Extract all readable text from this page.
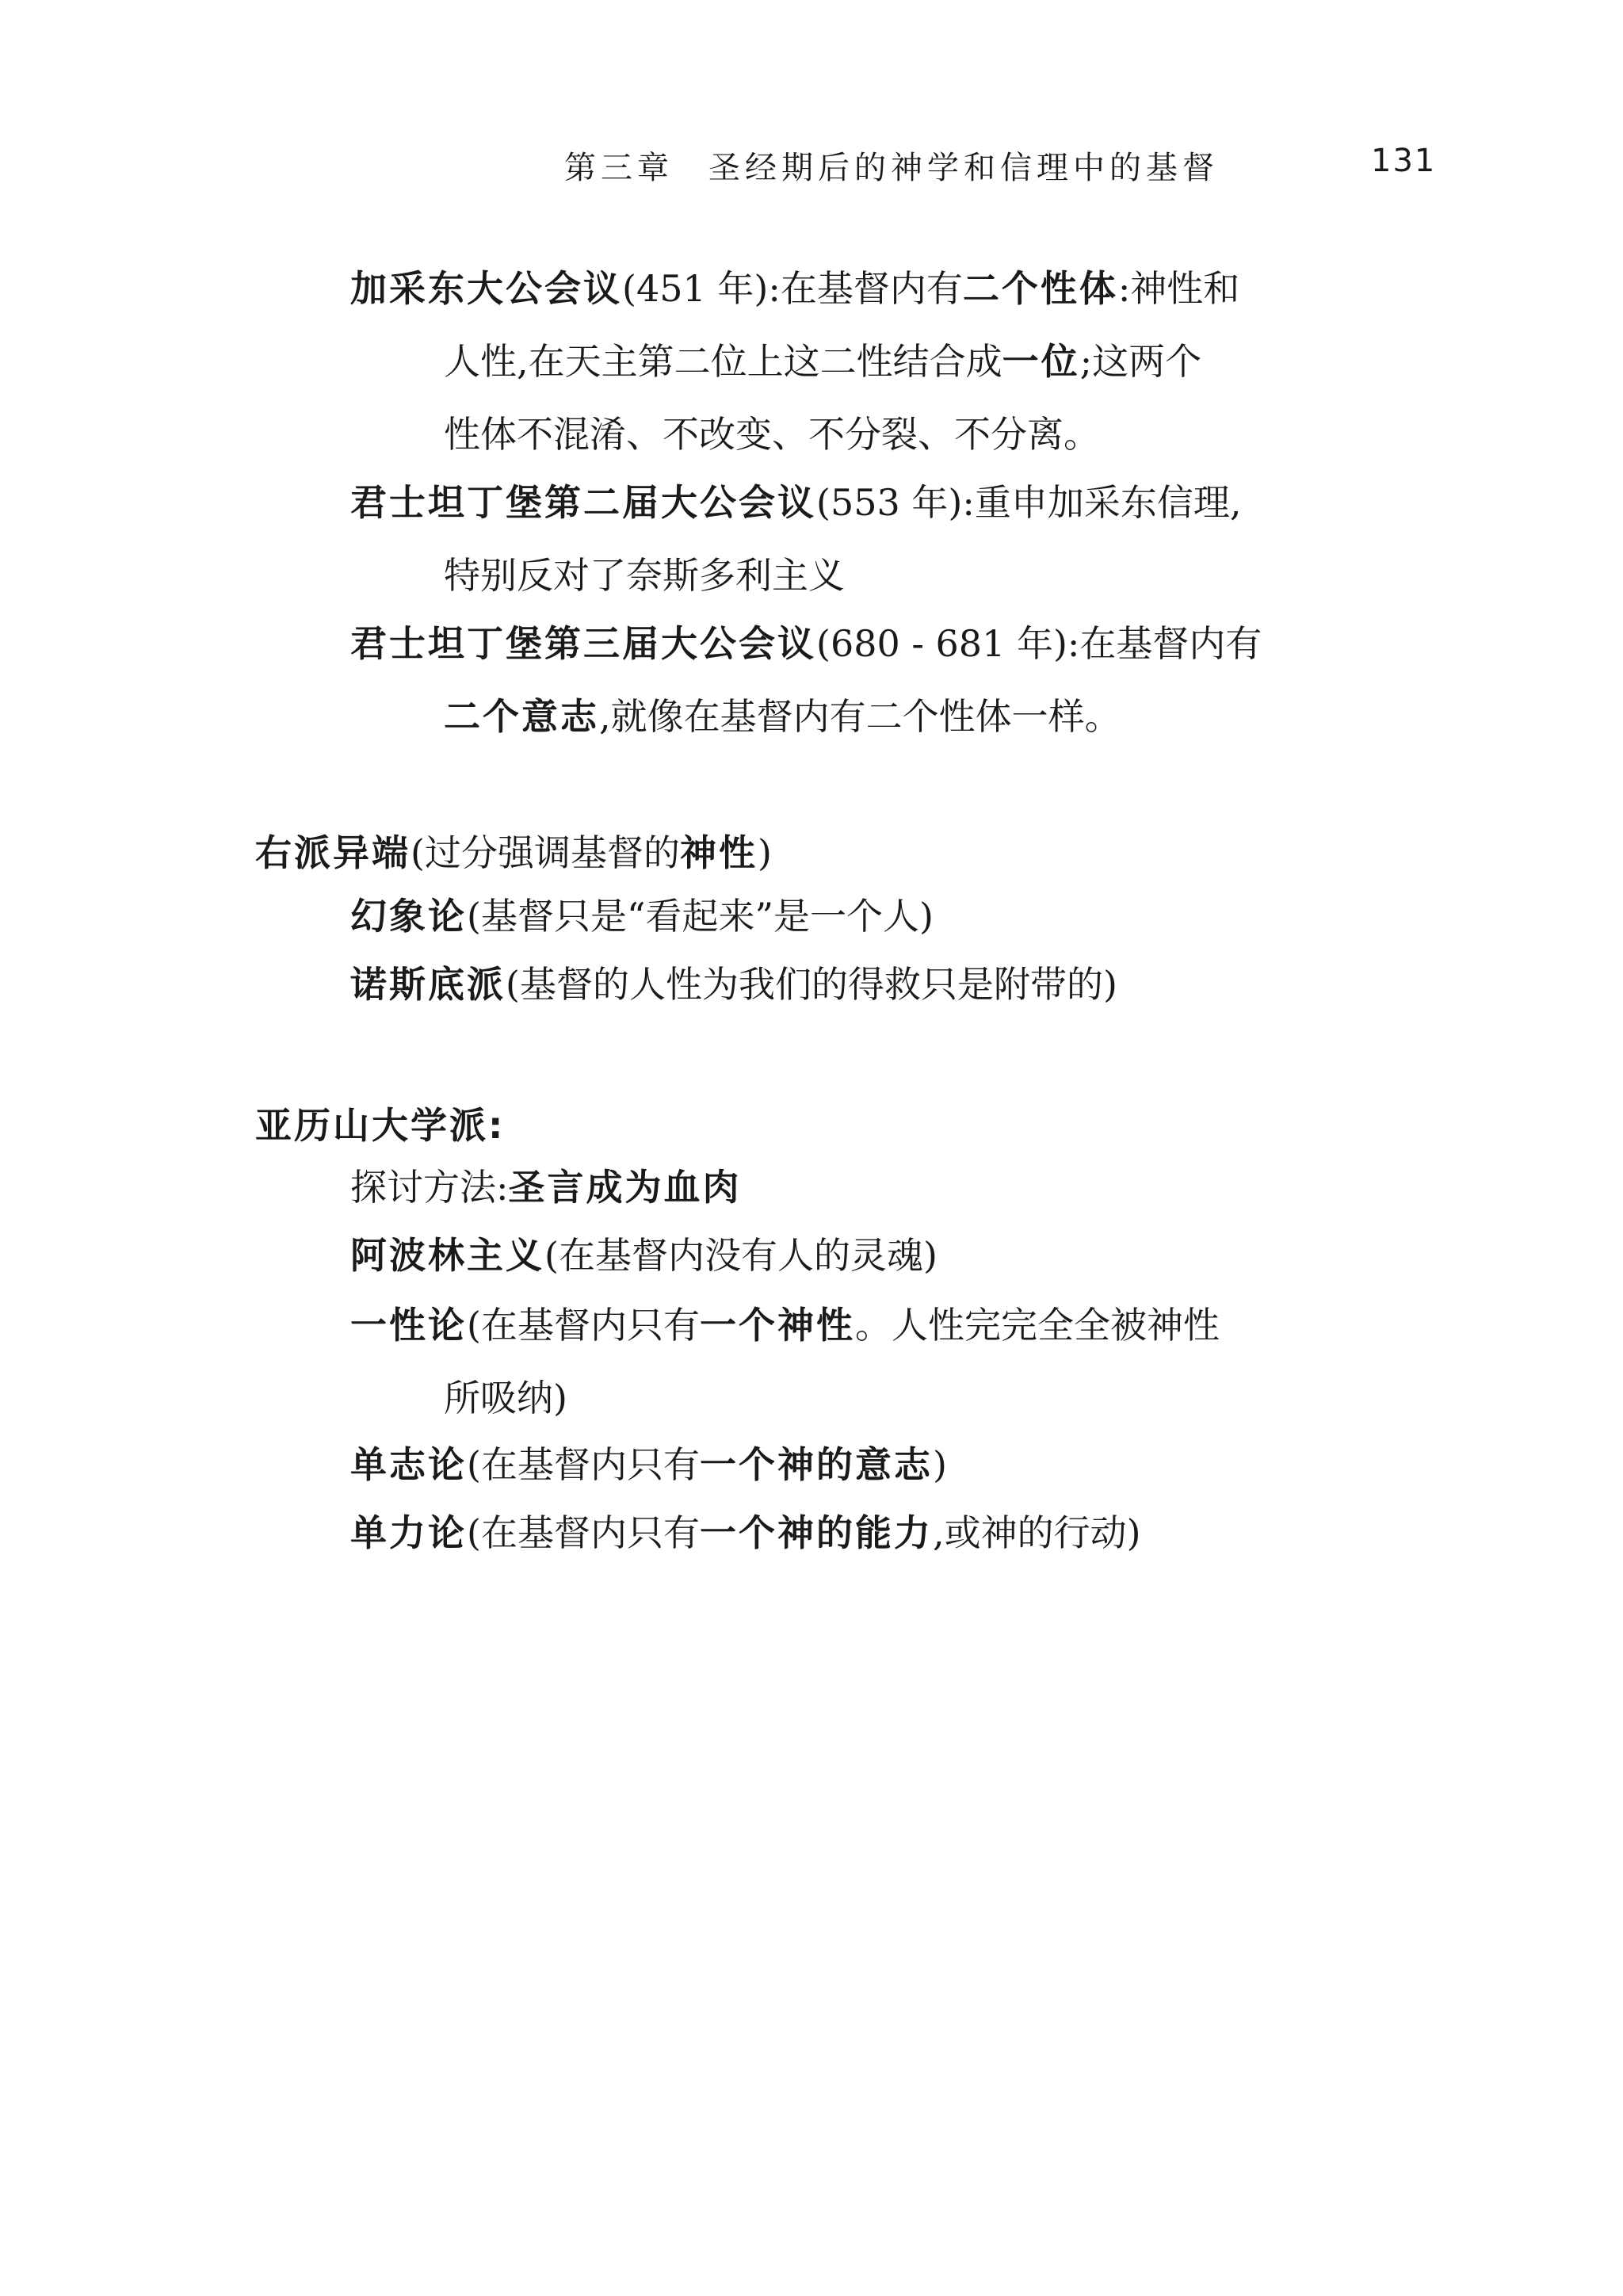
第三章 圣经期后的神学和信理中的基督	131
加采东大公会议(451 年):在基督内有二个性体:神性和
人性,在天主第二位上这二性结合成一位;这两个
性体不混淆、不改变、不分裂、不分离。
君士坦丁堡第二届大公会议(553 年):重申加采东信理,
特别反对了奈斯多利主义
君士坦丁堡第三届大公会议(680 - 681 年):在基督内有
二个意志,就像在基督内有二个性体一样。
右派异端(过分强调基督的神性)
幻象论(基督只是“看起来”是一个人)
诺斯底派(基督的人性为我们的得救只是附带的)
亚历山大学派:
探讨方法:圣言成为血肉
阿波林主义(在基督内没有人的灵魂)
一性论(在基督内只有一个神性。人性完完全全被神性
所吸纳)
单志论(在基督内只有一个神的意志)
单力论(在基督内只有一个神的能力,或神的行动)
